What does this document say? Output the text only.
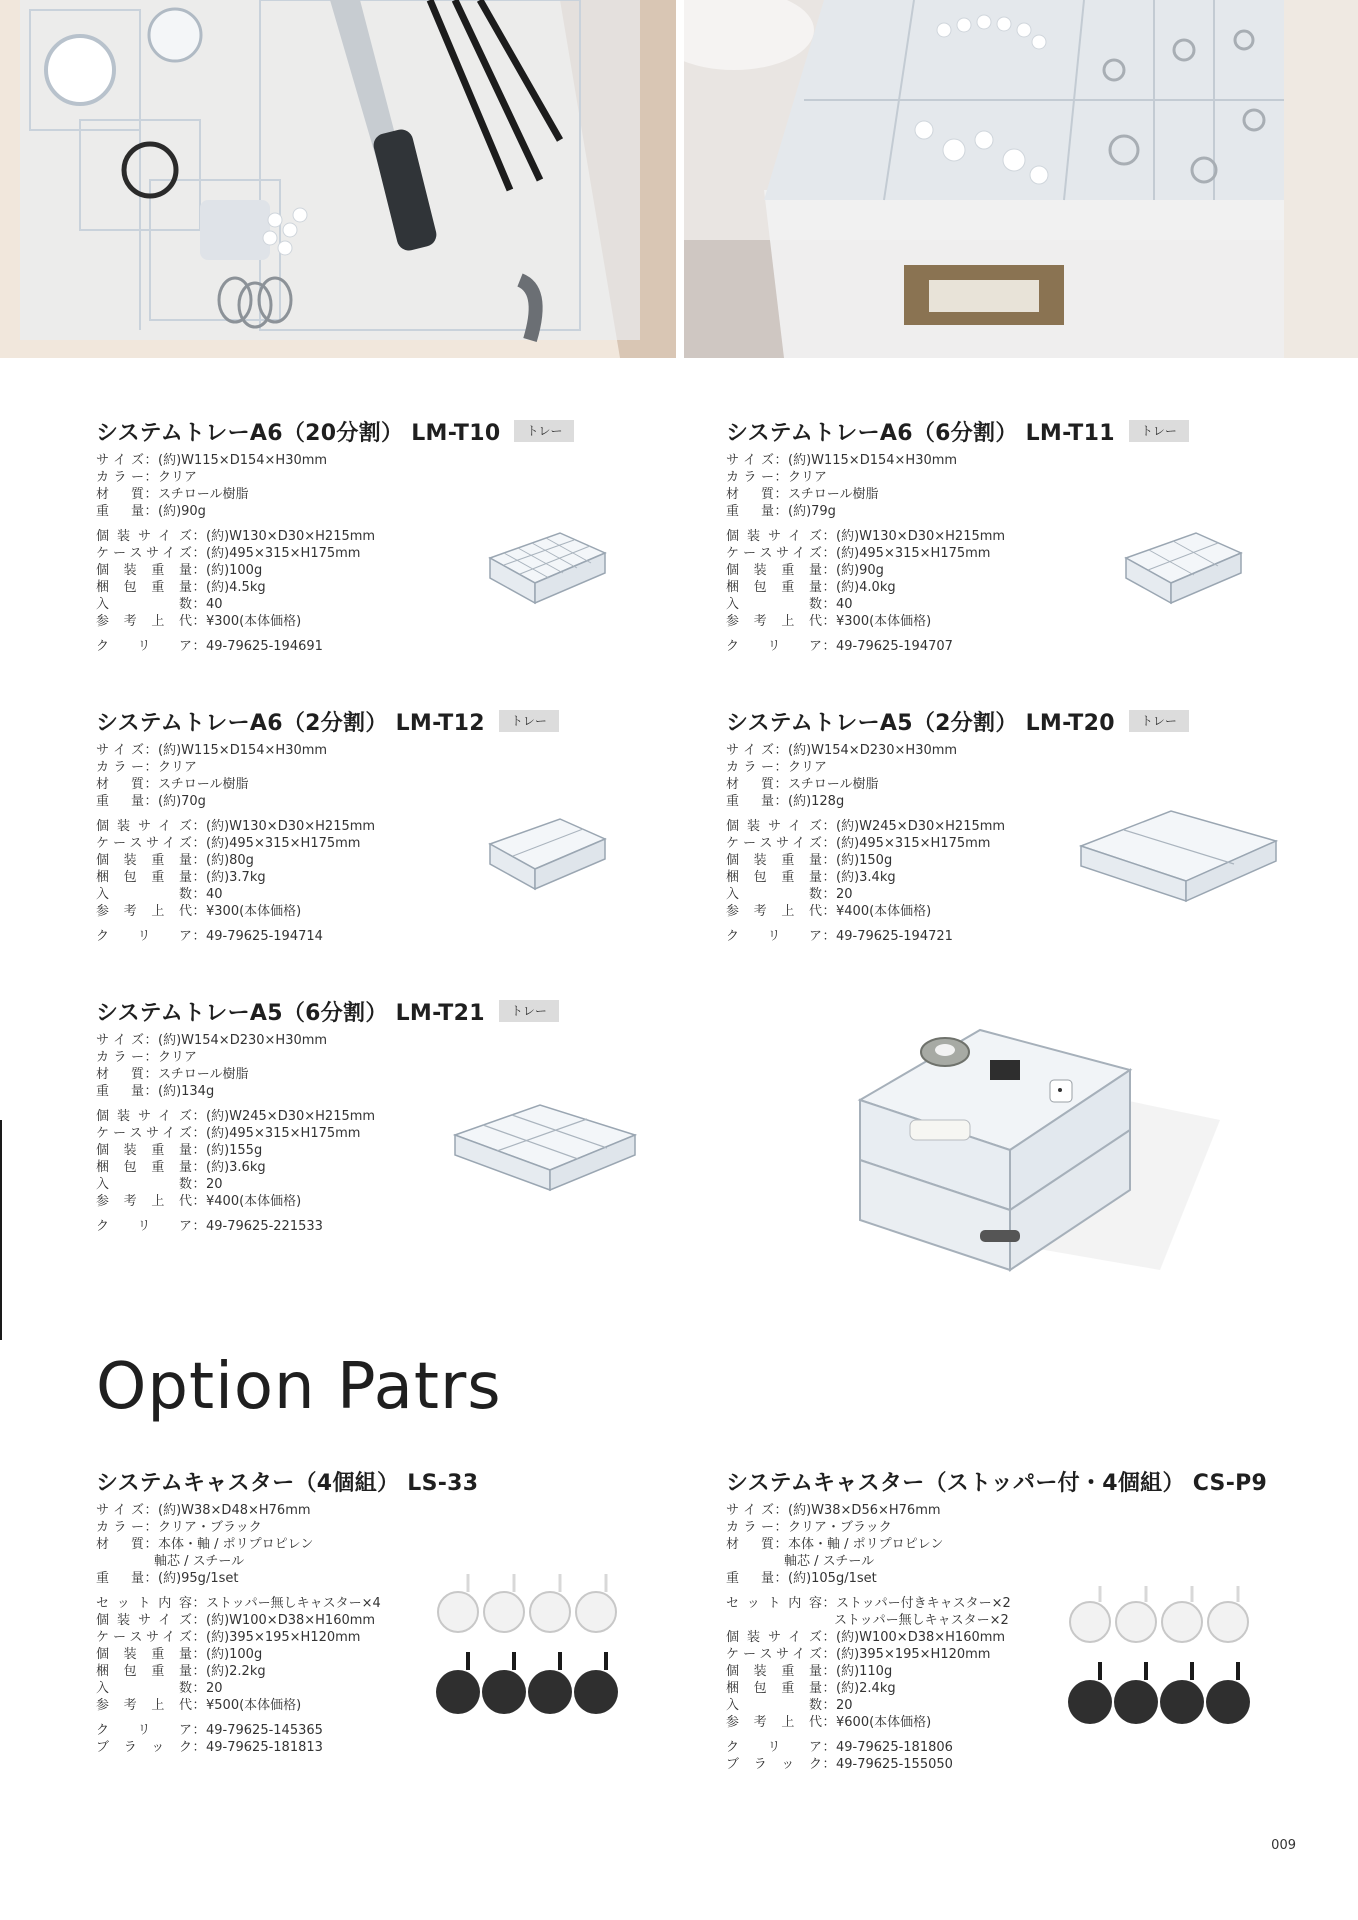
システムトレーA6（20分割） LM-T10	トレー
サイズ ： (約)W115×D154×H30mm
カラー ： クリア
材　質 ： スチロール樹脂
重　量 ： (約)90g
個装サイズ ： (約)W130×D30×H215mm
ケースサイズ ： (約)495×315×H175mm
個装重量 ： (約)100g
梱包重量 ： (約)4.5kg
入数 ： 40
参考上代 ： ¥300(本体価格)
クリア ： 49-79625-194691
システムトレーA6（6分割） LM-T11	トレー
サイズ ： (約)W115×D154×H30mm
カラー ： クリア
材　質 ： スチロール樹脂
重　量 ： (約)79g
個装サイズ ： (約)W130×D30×H215mm
ケースサイズ ： (約)495×315×H175mm
個装重量 ： (約)90g
梱包重量 ： (約)4.0kg
入数 ： 40
参考上代 ： ¥300(本体価格)
クリア ： 49-79625-194707
システムトレーA6（2分割） LM-T12	トレー
サイズ ： (約)W115×D154×H30mm
カラー ： クリア
材　質 ： スチロール樹脂
重　量 ： (約)70g
個装サイズ ： (約)W130×D30×H215mm
ケースサイズ ： (約)495×315×H175mm
個装重量 ： (約)80g
梱包重量 ： (約)3.7kg
入数 ： 40
参考上代 ： ¥300(本体価格)
クリア ： 49-79625-194714
システムトレーA5（2分割） LM-T20	トレー
サイズ ： (約)W154×D230×H30mm
カラー ： クリア
材　質 ： スチロール樹脂
重　量 ： (約)128g
個装サイズ ： (約)W245×D30×H215mm
ケースサイズ ： (約)495×315×H175mm
個装重量 ： (約)150g
梱包重量 ： (約)3.4kg
入数 ： 20
参考上代 ： ¥400(本体価格)
クリア ： 49-79625-194721
システムトレーA5（6分割） LM-T21	トレー
サイズ ： (約)W154×D230×H30mm
カラー ： クリア
材　質 ： スチロール樹脂
重　量 ： (約)134g
個装サイズ ： (約)W245×D30×H215mm
ケースサイズ ： (約)495×315×H175mm
個装重量 ： (約)155g
梱包重量 ： (約)3.6kg
入数 ： 20
参考上代 ： ¥400(本体価格)
クリア ： 49-79625-221533
Option Patrs
システムキャスター（4個組） LS-33
サイズ ： (約)W38×D48×H76mm
カラー ： クリア・ブラック
材　質 ： 本体・軸 / ポリプロピレン
軸芯 / スチール
重　量 ： (約)95g/1set
セット内容 ： ストッパー無しキャスター×4
個装サイズ ： (約)W100×D38×H160mm
ケースサイズ ： (約)395×195×H120mm
個装重量 ： (約)100g
梱包重量 ： (約)2.2kg
入数 ： 20
参考上代 ： ¥500(本体価格)
クリア ： 49-79625-145365
ブラック ： 49-79625-181813
システムキャスター（ストッパー付・4個組） CS-P9
サイズ ： (約)W38×D56×H76mm
カラー ： クリア・ブラック
材　質 ： 本体・軸 / ポリプロピレン
軸芯 / スチール
重　量 ： (約)105g/1set
セット内容 ： ストッパー付きキャスター×2
ストッパー無しキャスター×2
個装サイズ ： (約)W100×D38×H160mm
ケースサイズ ： (約)395×195×H120mm
個装重量 ： (約)110g
梱包重量 ： (約)2.4kg
入数 ： 20
参考上代 ： ¥600(本体価格)
クリア ： 49-79625-181806
ブラック ： 49-79625-155050
009
